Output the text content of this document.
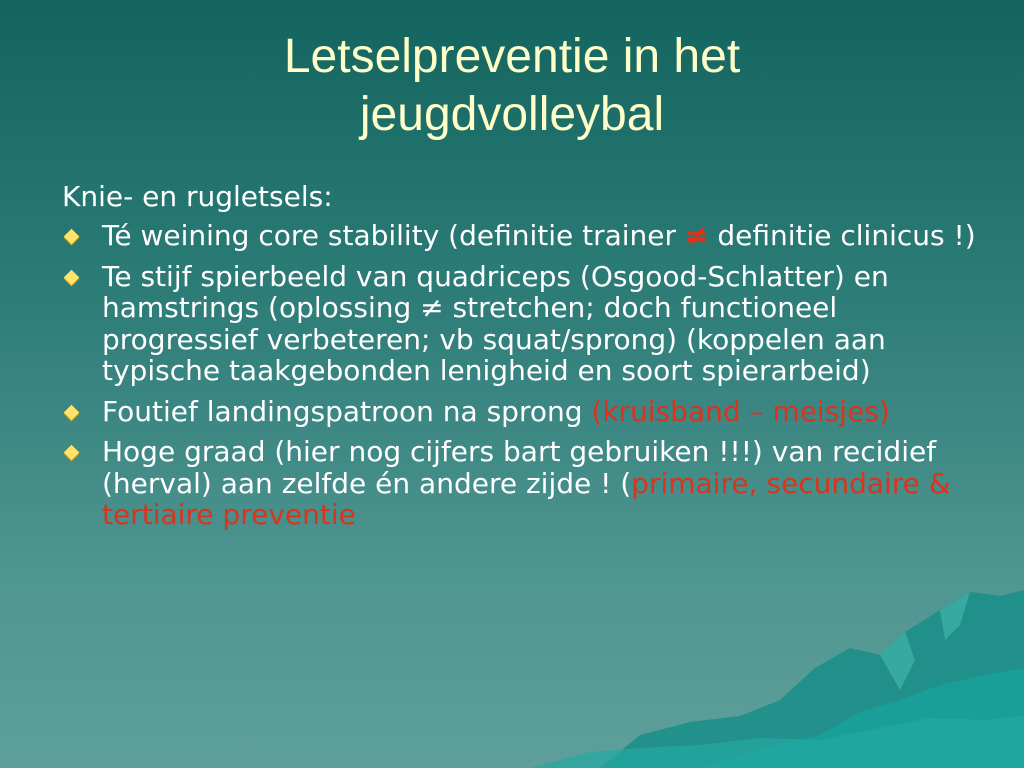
Letselpreventie in het
jeugdvolleybal
Knie- en rugletsels:
Té weining core stability (definitie trainer ≠ definitie clinicus !)
Te stijf spierbeeld van quadriceps (Osgood-Schlatter) en hamstrings (oplossing ≠ stretchen; doch functioneel progressief verbeteren; vb squat/sprong) (koppelen aan typische taakgebonden lenigheid en soort spierarbeid)
Foutief landingspatroon na sprong (kruisband – meisjes)
Hoge graad (hier nog cijfers bart gebruiken !!!) van recidief (herval) aan zelfde én andere zijde ! (primaire, secundaire & tertiaire preventie
